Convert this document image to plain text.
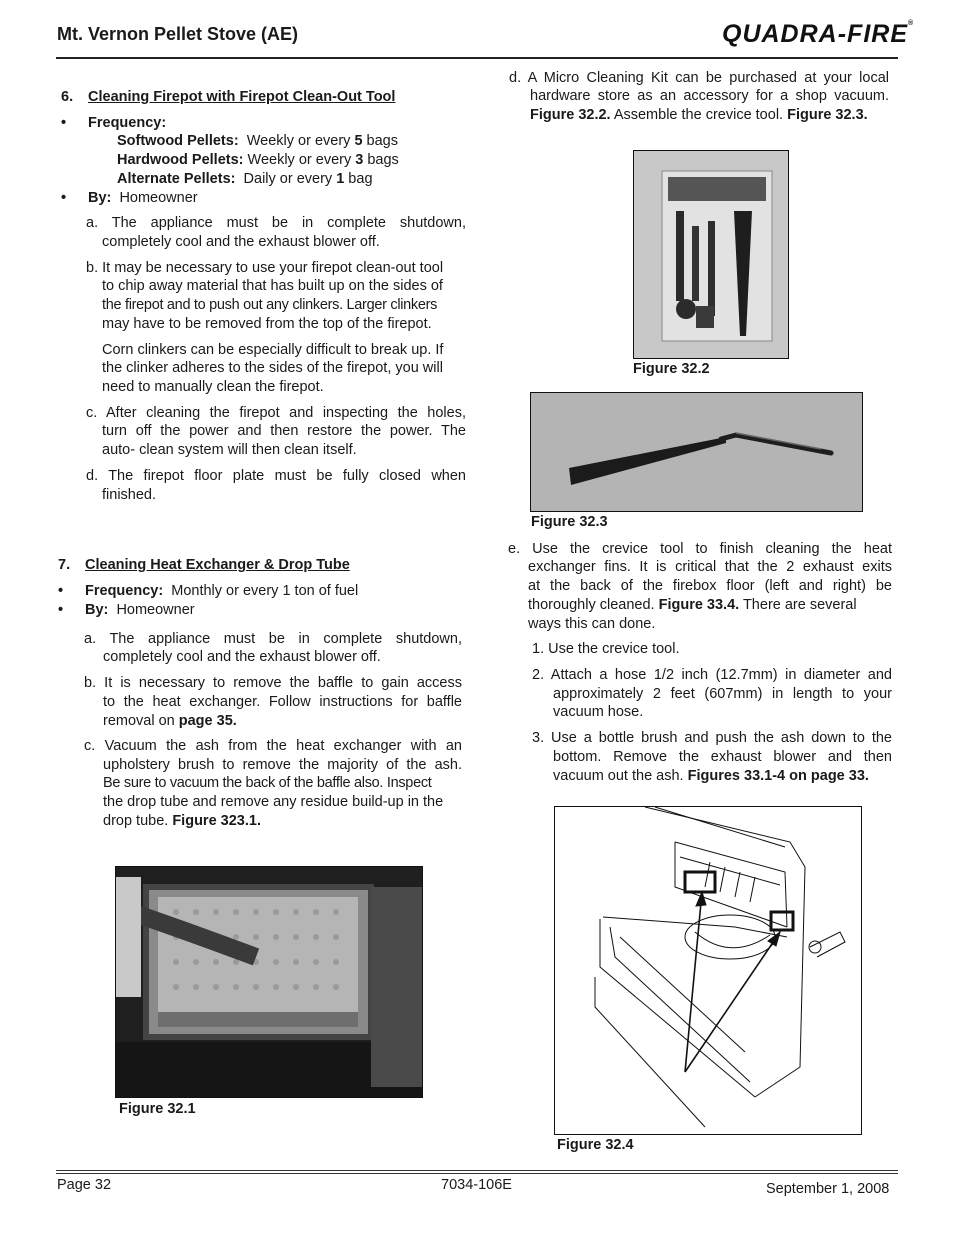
Mt. Vernon Pellet Stove (AE)	QUADRA-FIRE®
6. Cleaning Firepot with Firepot Clean-Out Tool
• Frequency:
Softwood Pellets: Weekly or every 5 bags
Hardwood Pellets: Weekly or every 3 bags
Alternate Pellets: Daily or every 1 bag
• By: Homeowner
a. The appliance must be in complete shutdown,
completely cool and the exhaust blower off.
b. It may be necessary to use your firepot clean-out tool
to chip away material that has built up on the sides of
the firepot and to push out any clinkers. Larger clinkers
may have to be removed from the top of the firepot.
Corn clinkers can be especially difficult to break up. If
the clinker adheres to the sides of the firepot, you will
need to manually clean the firepot.
c. After cleaning the firepot and inspecting the holes,
turn off the power and then restore the power. The
auto- clean system will then clean itself.
d. The firepot floor plate must be fully closed when
finished.
7. Cleaning Heat Exchanger & Drop Tube
• Frequency: Monthly or every 1 ton of fuel
• By: Homeowner
a. The appliance must be in complete shutdown,
completely cool and the exhaust blower off.
b. It is necessary to remove the baffle to gain access
to the heat exchanger. Follow instructions for baffle
removal on page 35.
c. Vacuum the ash from the heat exchanger with an
upholstery brush to remove the majority of the ash.
Be sure to vacuum the back of the baffle also. Inspect
the drop tube and remove any residue build-up in the
drop tube. Figure 323.1.
Figure 32.1
d. A Micro Cleaning Kit can be purchased at your local
hardware store as an accessory for a shop vacuum.
Figure 32.2. Assemble the crevice tool. Figure 32.3.
Figure 32.2
Figure 32.3
e. Use the crevice tool to finish cleaning the heat
exchanger fins. It is critical that the 2 exhaust exits
at the back of the firebox floor (left and right) be
thoroughly cleaned. Figure 33.4. There are several
ways this can done.
1. Use the crevice tool.
2. Attach a hose 1/2 inch (12.7mm) in diameter and
approximately 2 feet (607mm) in length to your
vacuum hose.
3. Use a bottle brush and push the ash down to the
bottom. Remove the exhaust blower and then
vacuum out the ash. Figures 33.1-4 on page 33.
Figure 32.4
Page 32	7034-106E	September 1, 2008
